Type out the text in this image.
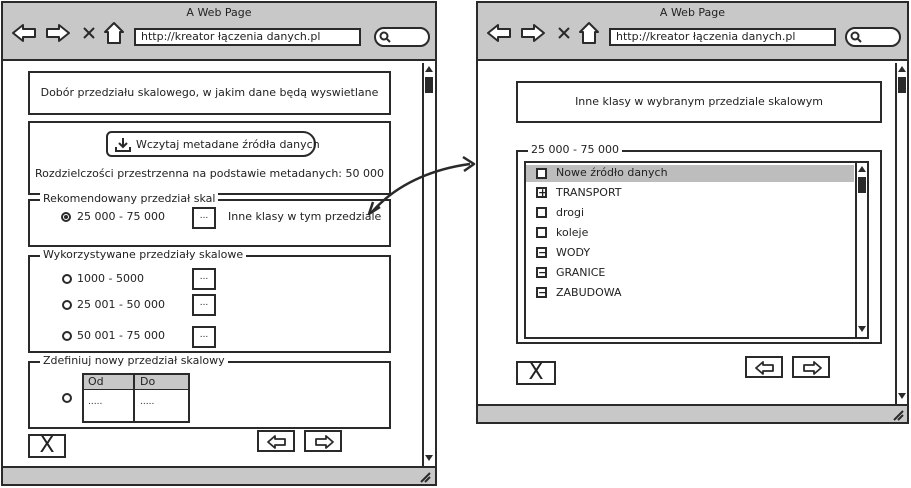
A Web Page
http://kreator łączenia danych.pl
Dobór przedziału skalowego, w jakim dane będą wyswietlane
Wczytaj metadane źródła danych
Rozdzielczości przestrzenna na podstawie metadanych: 50 000
Rekomendowany przedział skal
25 000 - 75 000	...	Inne klasy w tym przedziale
Wykorzystywane przedziały skalowe
1000 - 5000	...
25 001 - 50 000	...
50 001 - 75 000	...
Zdefiniuj nowy przedział skalowy
Od	Do
.....	.....
X
A Web Page
http://kreator łączenia danych.pl
Inne klasy w wybranym przedziale skalowym
25 000 - 75 000
Nowe źródło danych
+ TRANSPORT
drogi
koleje
− WODY
− GRANICE
− ZABUDOWA
X
